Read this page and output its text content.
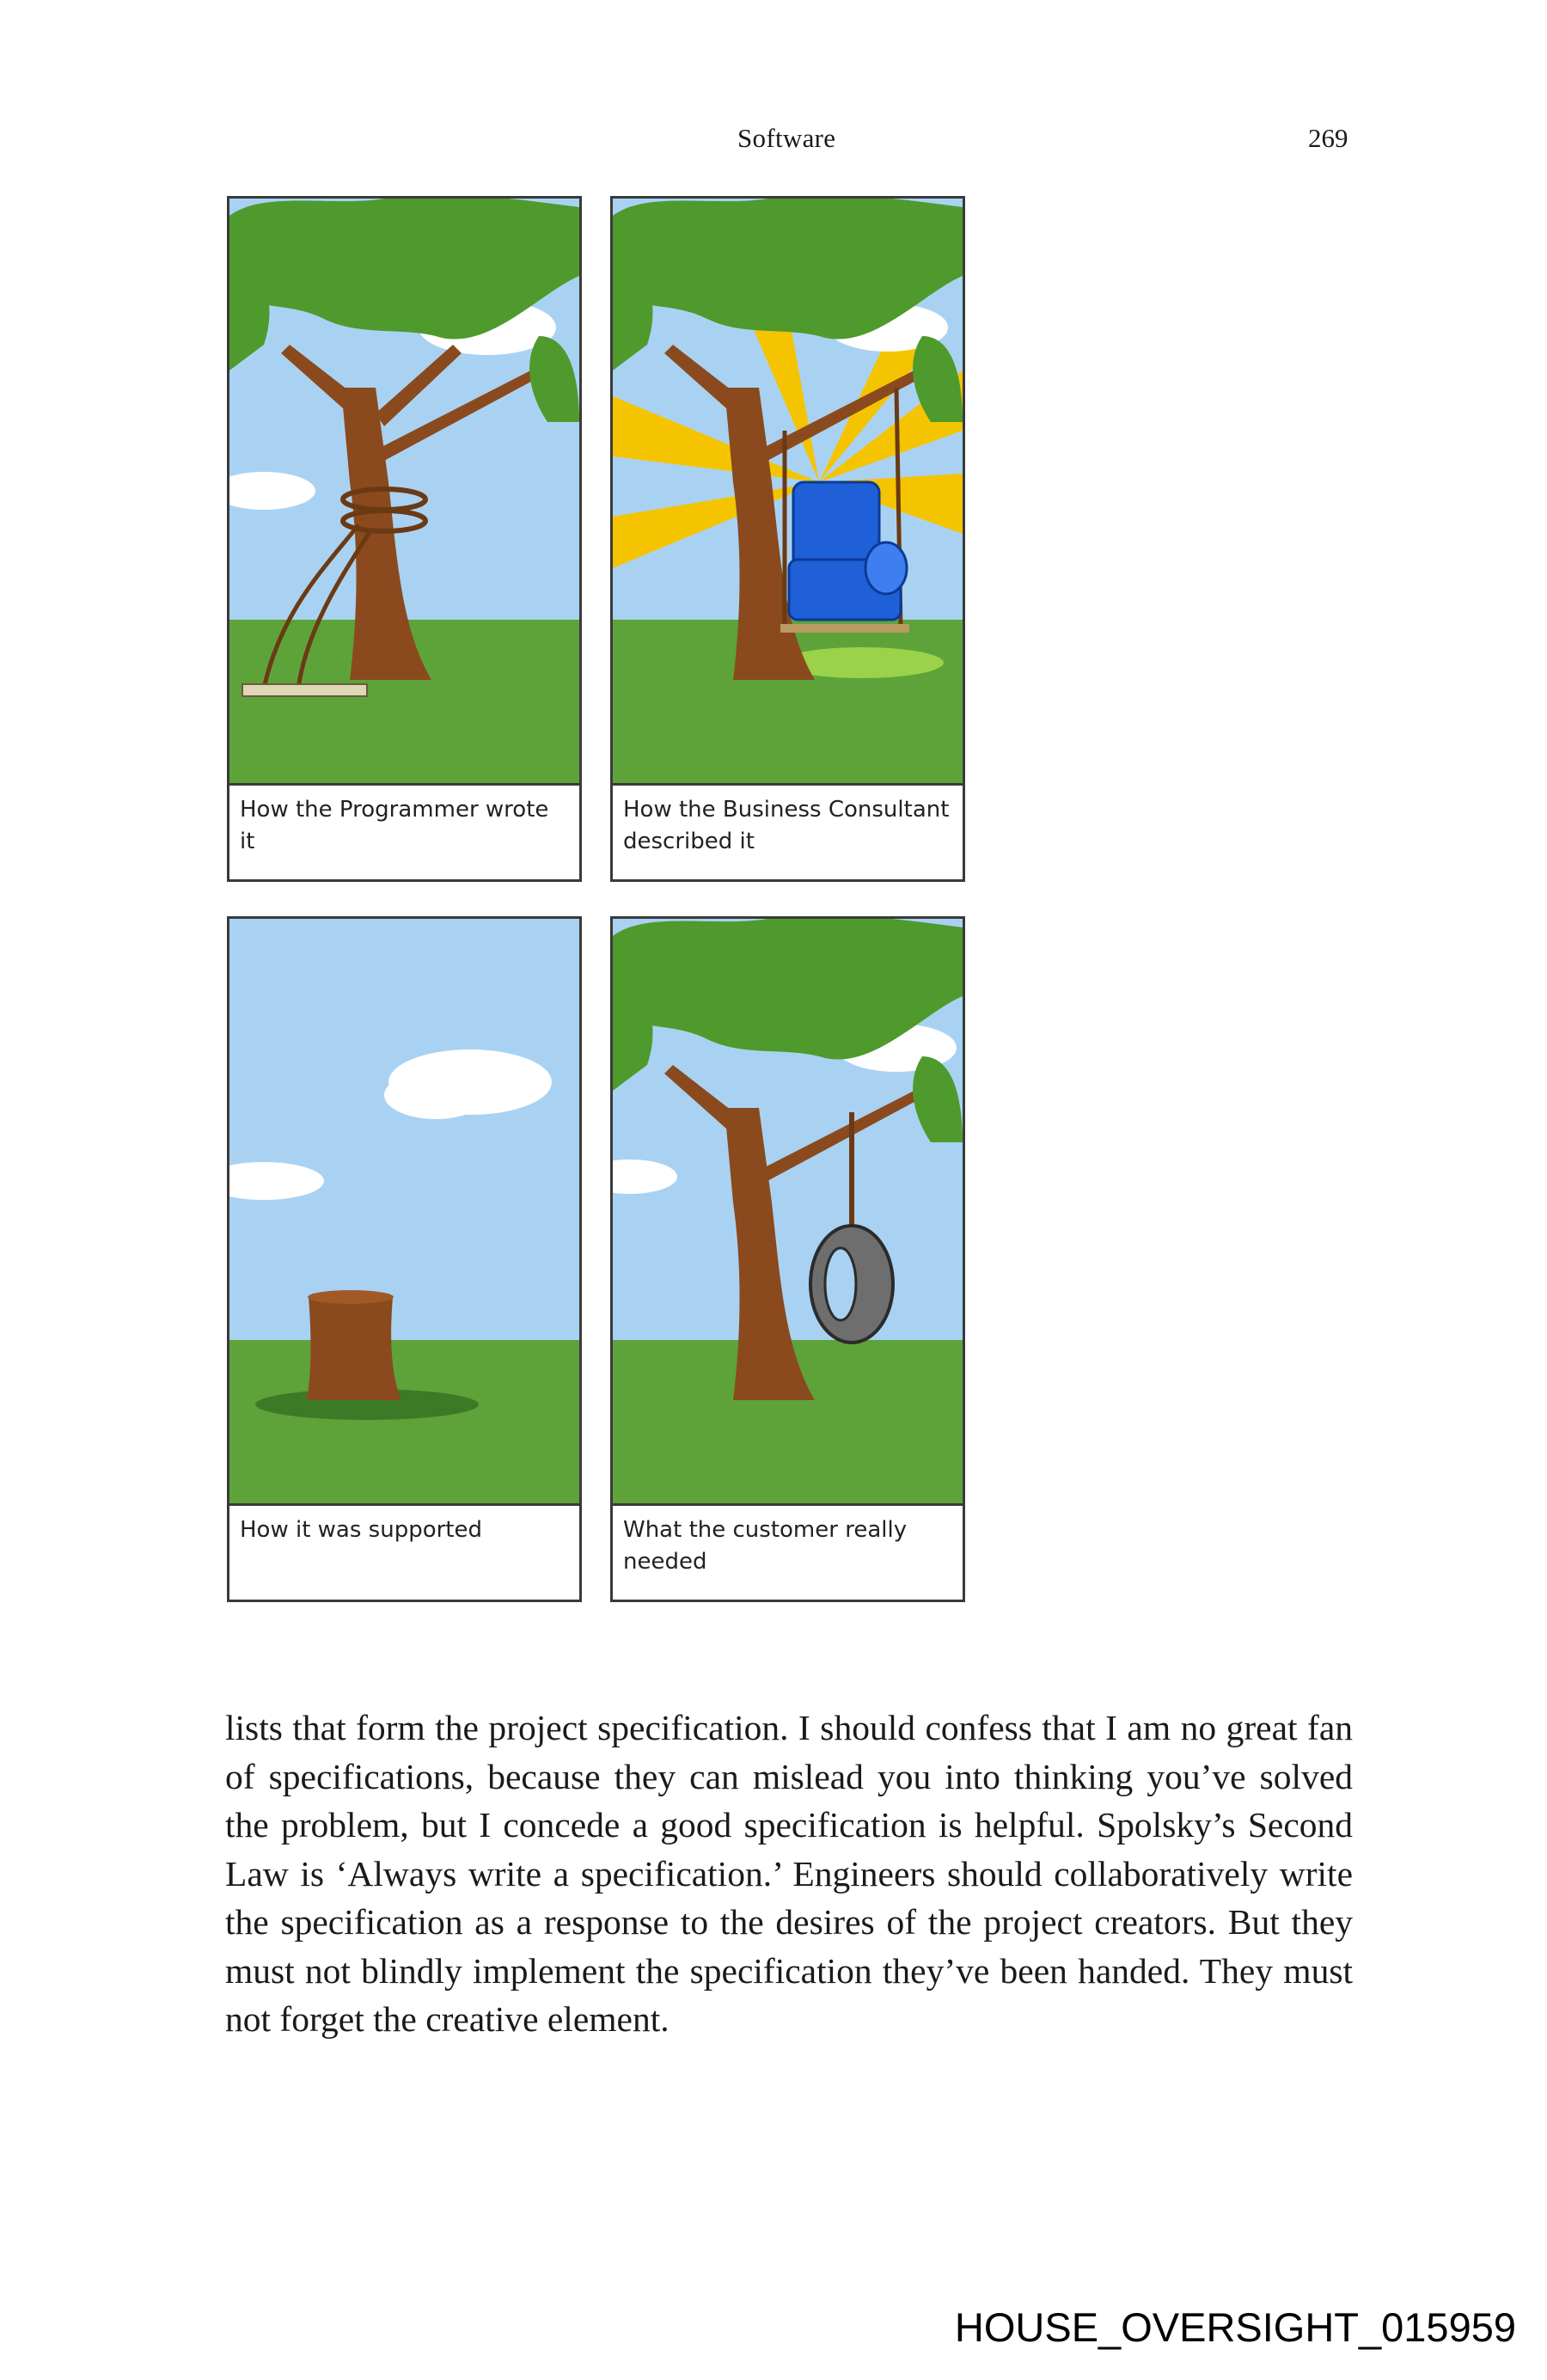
Software	269
How the Programmer wrote it
How the Business Consultant described it
How it was supported	What the customer really needed

lists that form the project specification. I should confess that I am no great fan of specifications, because they can mislead you into thinking you’ve solved the problem, but I concede a good specification is helpful. Spolsky’s Second Law is ‘Always write a specification.’ Engineers should collaboratively write the specification as a response to the desires of the project creators. But they must not blindly implement the specification they’ve been handed. They must not forget the creative element.

HOUSE_OVERSIGHT_015959
